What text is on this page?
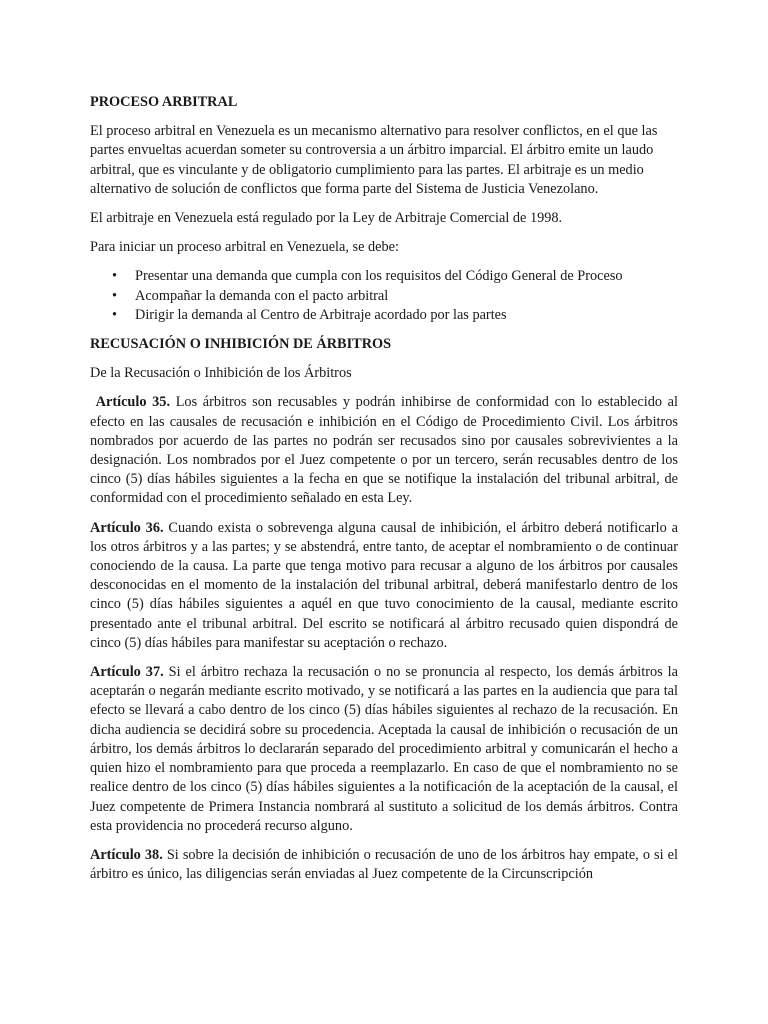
PROCESO ARBITRAL

El proceso arbitral en Venezuela es un mecanismo alternativo para resolver conflictos, en el que las partes envueltas acuerdan someter su controversia a un árbitro imparcial. El árbitro emite un laudo arbitral, que es vinculante y de obligatorio cumplimiento para las partes. El arbitraje es un medio alternativo de solución de conflictos que forma parte del Sistema de Justicia Venezolano.

El arbitraje en Venezuela está regulado por la Ley de Arbitraje Comercial de 1998.

Para iniciar un proceso arbitral en Venezuela, se debe:

• Presentar una demanda que cumpla con los requisitos del Código General de Proceso
• Acompañar la demanda con el pacto arbitral
• Dirigir la demanda al Centro de Arbitraje acordado por las partes

RECUSACIÓN O INHIBICIÓN DE ÁRBITROS

De la Recusación o Inhibición de los Árbitros

Artículo 35. Los árbitros son recusables y podrán inhibirse de conformidad con lo establecido al efecto en las causales de recusación e inhibición en el Código de Procedimiento Civil. Los árbitros nombrados por acuerdo de las partes no podrán ser recusados sino por causales sobrevivientes a la designación. Los nombrados por el Juez competente o por un tercero, serán recusables dentro de los cinco (5) días hábiles siguientes a la fecha en que se notifique la instalación del tribunal arbitral, de conformidad con el procedimiento señalado en esta Ley.

Artículo 36. Cuando exista o sobrevenga alguna causal de inhibición, el árbitro deberá notificarlo a los otros árbitros y a las partes; y se abstendrá, entre tanto, de aceptar el nombramiento o de continuar conociendo de la causa. La parte que tenga motivo para recusar a alguno de los árbitros por causales desconocidas en el momento de la instalación del tribunal arbitral, deberá manifestarlo dentro de los cinco (5) días hábiles siguientes a aquél en que tuvo conocimiento de la causal, mediante escrito presentado ante el tribunal arbitral. Del escrito se notificará al árbitro recusado quien dispondrá de cinco (5) días hábiles para manifestar su aceptación o rechazo.

Artículo 37. Si el árbitro rechaza la recusación o no se pronuncia al respecto, los demás árbitros la aceptarán o negarán mediante escrito motivado, y se notificará a las partes en la audiencia que para tal efecto se llevará a cabo dentro de los cinco (5) días hábiles siguientes al rechazo de la recusación. En dicha audiencia se decidirá sobre su procedencia. Aceptada la causal de inhibición o recusación de un árbitro, los demás árbitros lo declararán separado del procedimiento arbitral y comunicarán el hecho a quien hizo el nombramiento para que proceda a reemplazarlo. En caso de que el nombramiento no se realice dentro de los cinco (5) días hábiles siguientes a la notificación de la aceptación de la causal, el Juez competente de Primera Instancia nombrará al sustituto a solicitud de los demás árbitros. Contra esta providencia no procederá recurso alguno.

Artículo 38. Si sobre la decisión de inhibición o recusación de uno de los árbitros hay empate, o si el árbitro es único, las diligencias serán enviadas al Juez competente de la Circunscripción
